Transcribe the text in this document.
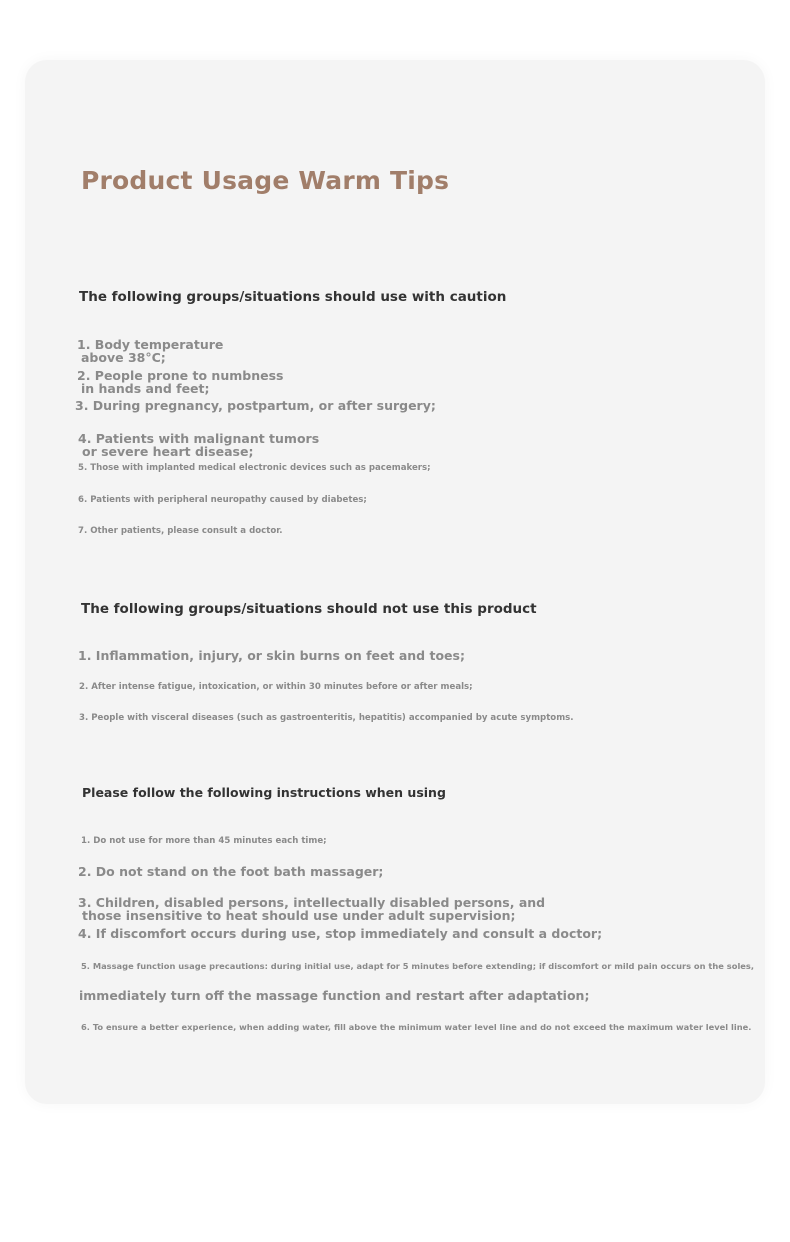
Product Usage Warm Tips
The following groups/situations should use with caution
1. Body temperature
above 38°C;
2. People prone to numbness
in hands and feet;
3. During pregnancy, postpartum, or after surgery;
4. Patients with malignant tumors
or severe heart disease;
5. Those with implanted medical electronic devices such as pacemakers;
6. Patients with peripheral neuropathy caused by diabetes;
7. Other patients, please consult a doctor.
The following groups/situations should not use this product
1. Inflammation, injury, or skin burns on feet and toes;
2. After intense fatigue, intoxication, or within 30 minutes before or after meals;
3. People with visceral diseases (such as gastroenteritis, hepatitis) accompanied by acute symptoms.
Please follow the following instructions when using
1. Do not use for more than 45 minutes each time;
2. Do not stand on the foot bath massager;
3. Children, disabled persons, intellectually disabled persons, and
those insensitive to heat should use under adult supervision;
4. If discomfort occurs during use, stop immediately and consult a doctor;
5. Massage function usage precautions: during initial use, adapt for 5 minutes before extending; if discomfort or mild pain occurs on the soles,
immediately turn off the massage function and restart after adaptation;
6. To ensure a better experience, when adding water, fill above the minimum water level line and do not exceed the maximum water level line.
